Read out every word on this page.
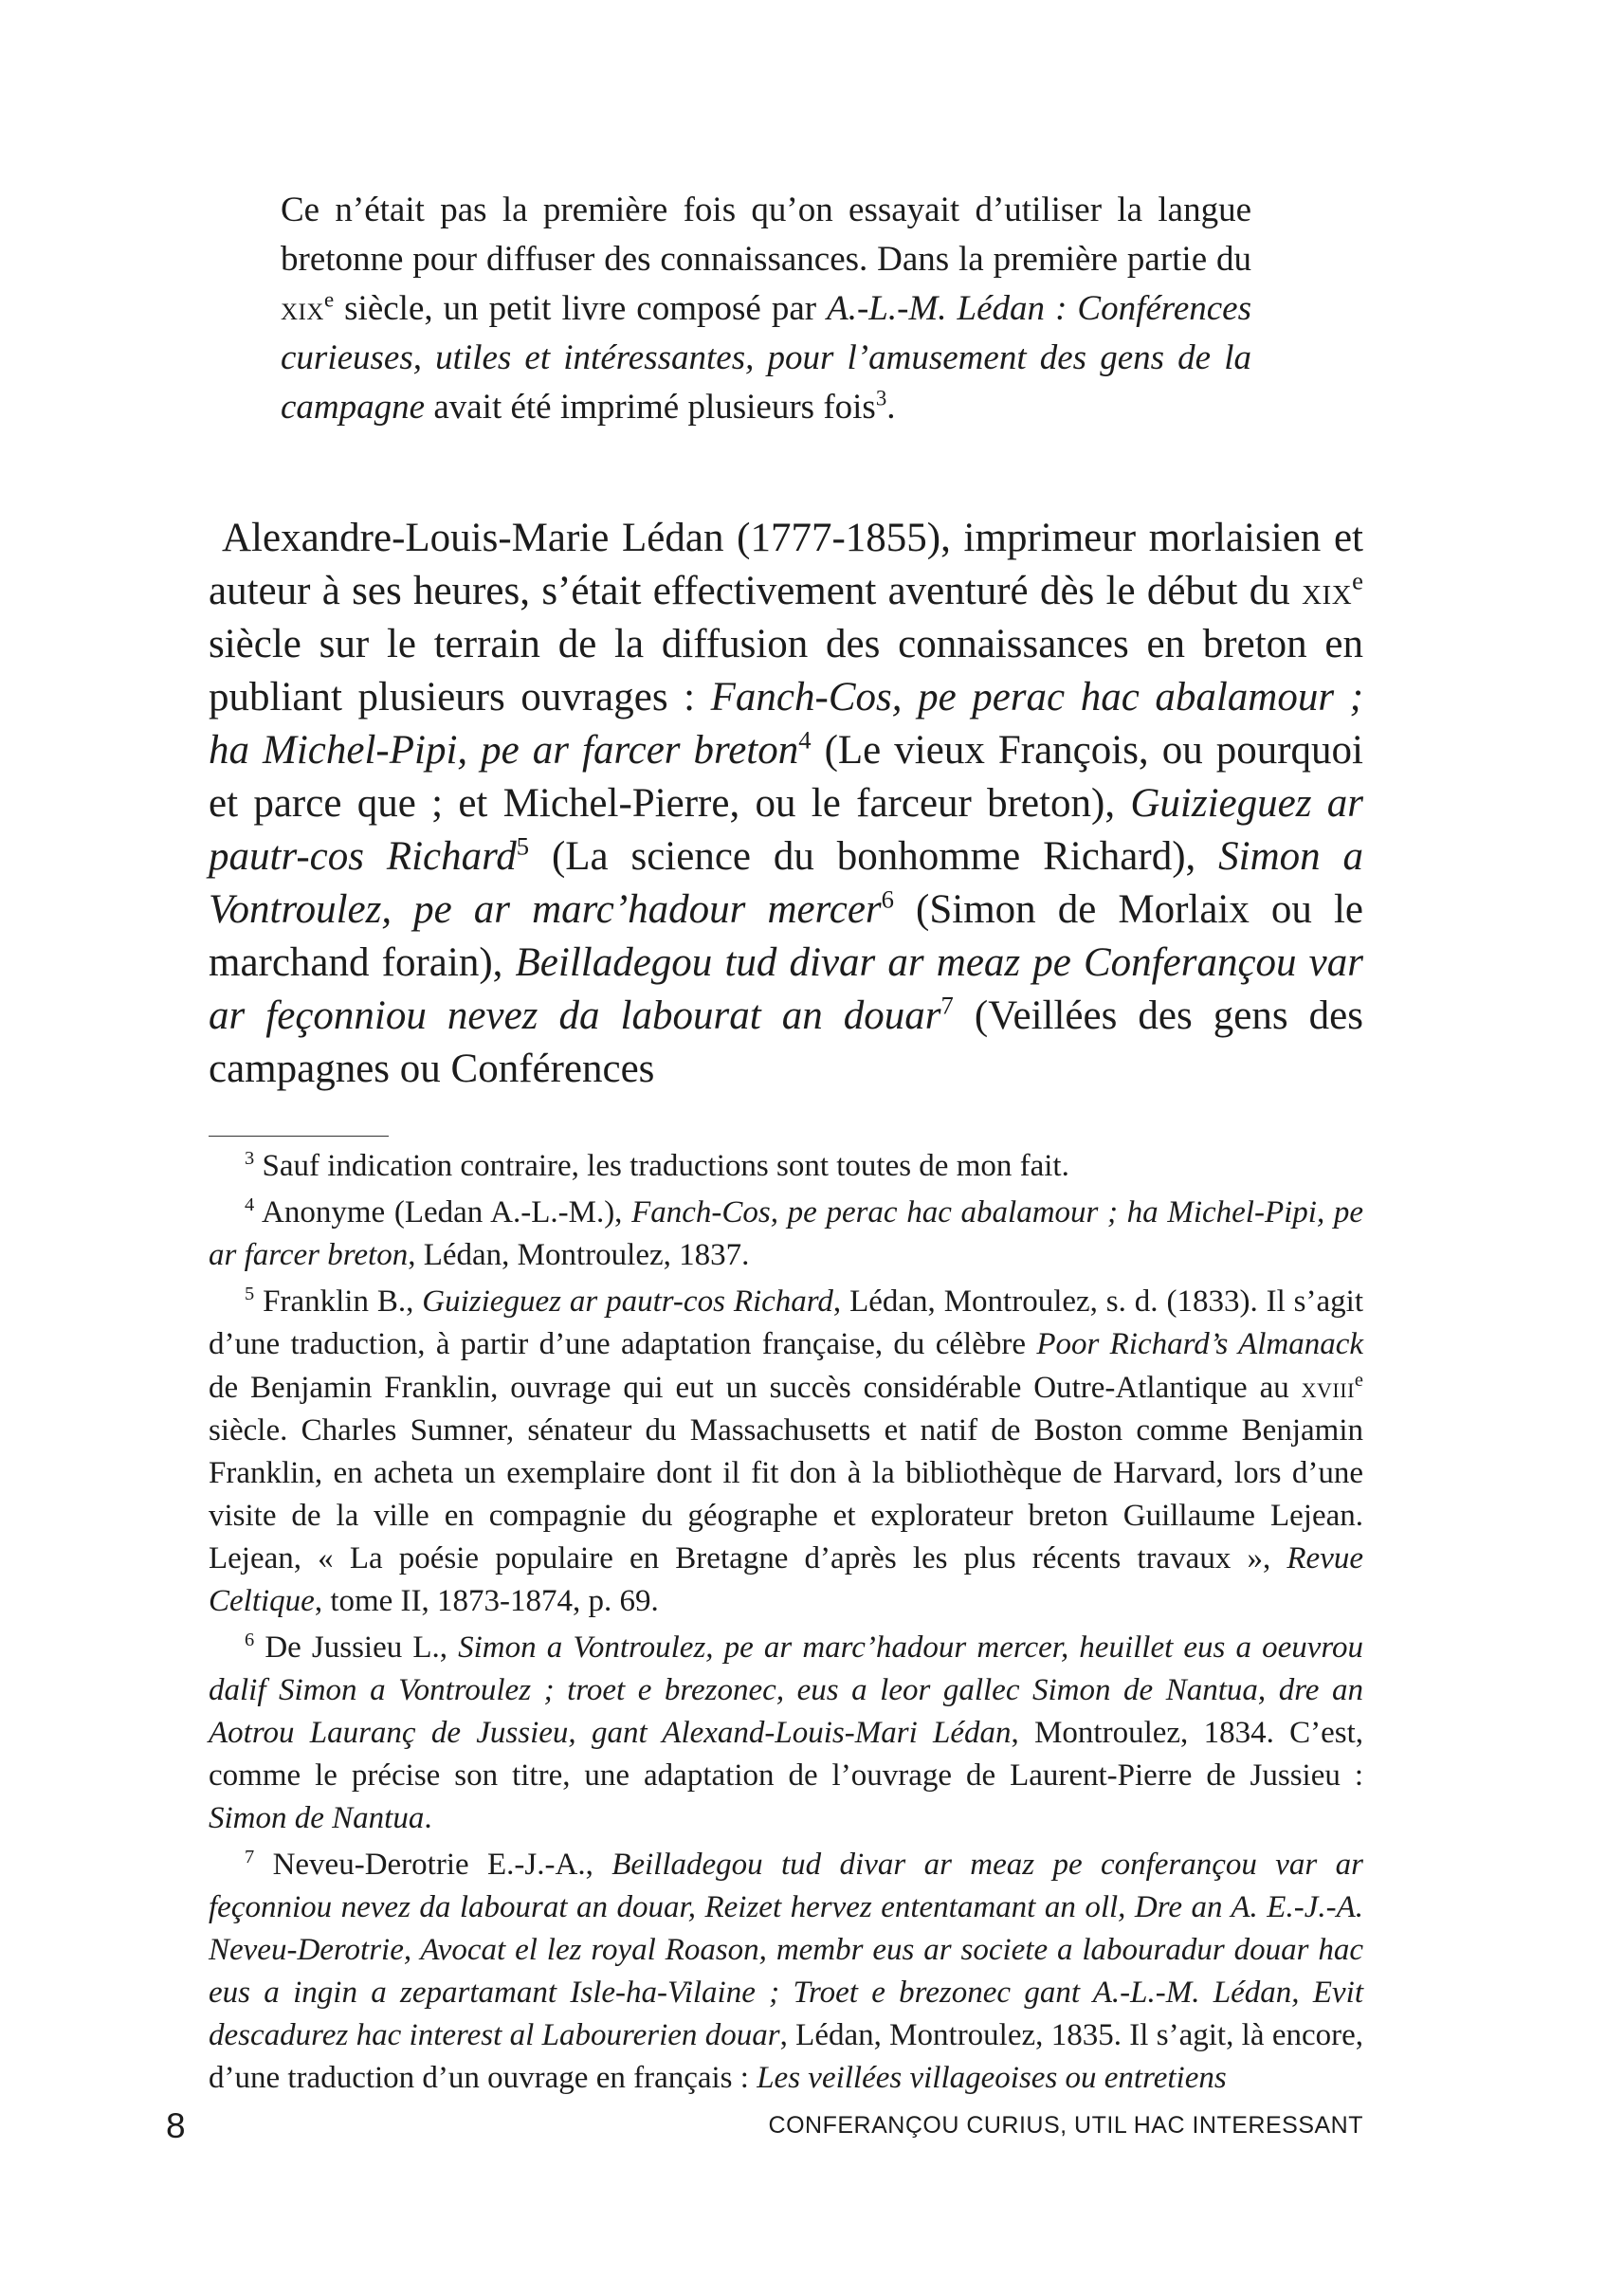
Ce n’était pas la première fois qu’on essayait d’utiliser la langue bretonne pour diffuser des connaissances. Dans la première partie du xix$^e$ siècle, un petit livre composé par A.-L.-M. Lédan : Conférences curieuses, utiles et intéressantes, pour l’amusement des gens de la campagne avait été imprimé plusieurs fois$^3$.

Alexandre-Louis-Marie Lédan (1777-1855), imprimeur morlaisien et auteur à ses heures, s’était effectivement aventuré dès le début du xix$^e$ siècle sur le terrain de la diffusion des connaissances en breton en publiant plusieurs ouvrages : Fanch-Cos, pe perac hac abalamour ; ha Michel-Pipi, pe ar farcer breton$^4$ (Le vieux François, ou pourquoi et parce que ; et Michel-Pierre, ou le farceur breton), Guizieguez ar pautr-cos Richard$^5$ (La science du bonhomme Richard), Simon a Vontroulez, pe ar marc’hadour mercer$^6$ (Simon de Morlaix ou le marchand forain), Beilladegou tud divar ar meaz pe Conferançou var ar feçonniou nevez da labourat an douar$^7$ (Veillées des gens des campagnes ou Conférences

$^3$ Sauf indication contraire, les traductions sont toutes de mon fait.

$^4$ Anonyme (Ledan A.-L.-M.), Fanch-Cos, pe perac hac abalamour ; ha Michel-Pipi, pe ar farcer breton, Lédan, Montroulez, 1837.

$^5$ Franklin B., Guizieguez ar pautr-cos Richard, Lédan, Montroulez, s. d. (1833). Il s’agit d’une traduction, à partir d’une adaptation française, du célèbre Poor Richard’s Almanack de Benjamin Franklin, ouvrage qui eut un succès considérable Outre-Atlantique au xviii$^e$ siècle. Charles Sumner, sénateur du Massachusetts et natif de Boston comme Benjamin Franklin, en acheta un exemplaire dont il fit don à la bibliothèque de Harvard, lors d’une visite de la ville en compagnie du géographe et explorateur breton Guillaume Lejean. Lejean, « La poésie populaire en Bretagne d’après les plus récents travaux », Revue Celtique, tome II, 1873-1874, p. 69.

$^6$ De Jussieu L., Simon a Vontroulez, pe ar marc’hadour mercer, heuillet eus a oeuvrou dalif Simon a Vontroulez ; troet e brezonec, eus a leor gallec Simon de Nantua, dre an Aotrou Lauranç de Jussieu, gant Alexand-Louis-Mari Lédan, Montroulez, 1834. C’est, comme le précise son titre, une adaptation de l’ouvrage de Laurent-Pierre de Jussieu : Simon de Nantua.

$^7$ Neveu-Derotrie E.-J.-A., Beilladegou tud divar ar meaz pe conferançou var ar feçonniou nevez da labourat an douar, Reizet hervez ententamant an oll, Dre an A. E.-J.-A. Neveu-Derotrie, Avocat el lez royal Roason, membr eus ar societe a labouradur douar hac eus a ingin a zepartamant Isle-ha-Vilaine ; Troet e brezonec gant A.-L.-M. Lédan, Evit descadurez hac interest al Labourerien douar, Lédan, Montroulez, 1835. Il s’agit, là encore, d’une traduction d’un ouvrage en français : Les veillées villageoises ou entretiens

8	CONFERANÇOU CURIUS, UTIL HAC INTERESSANT
